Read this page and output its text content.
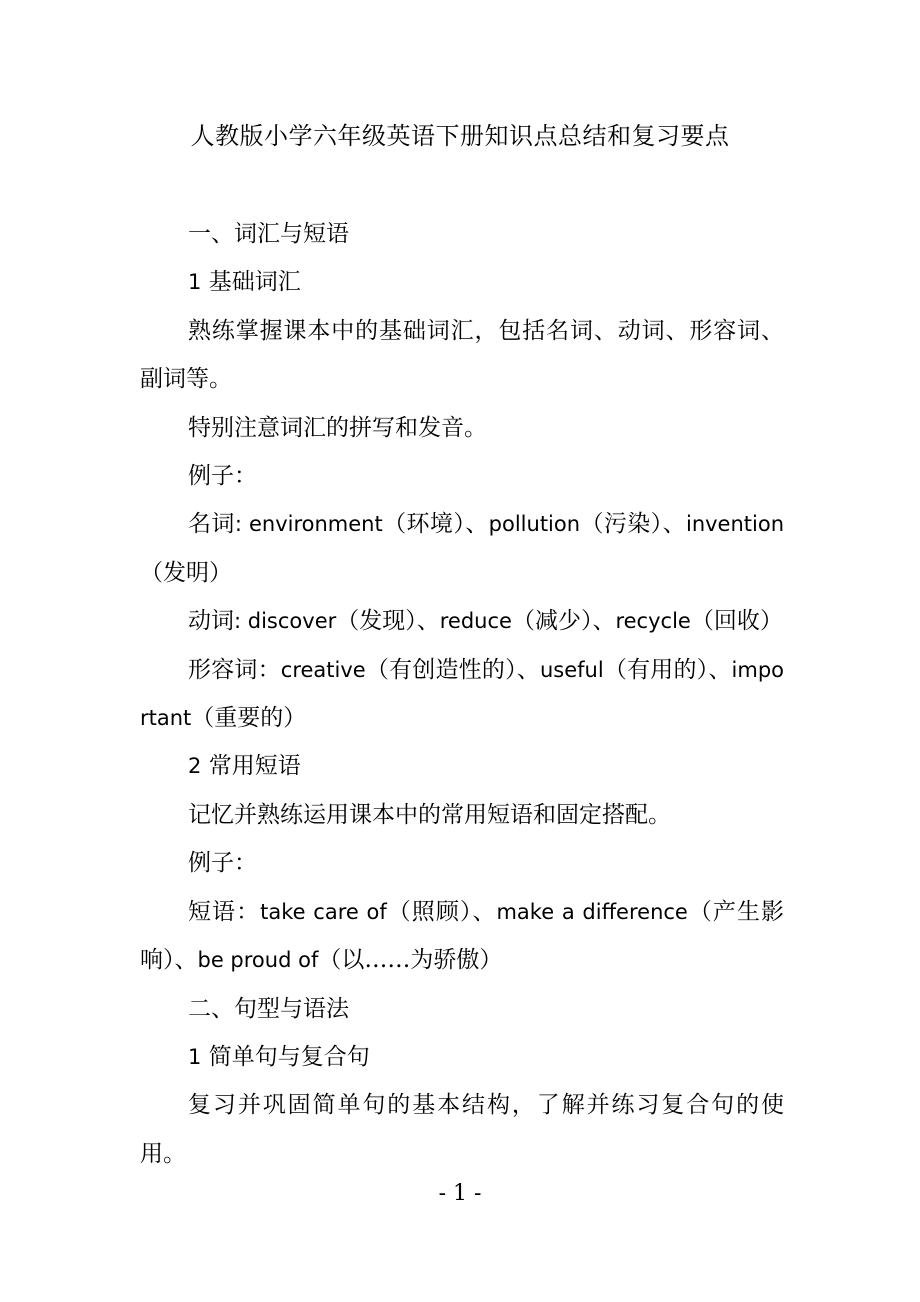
人教版小学六年级英语下册知识点总结和复习要点

一、词汇与短语

1 基础词汇

熟练掌握课本中的基础词汇，包括名词、动词、形容词、副词等。

特别注意词汇的拼写和发音。

例子：

名词: environment（环境）、pollution（污染）、invention（发明）

动词: discover（发现）、reduce（减少）、recycle（回收）

形容词：creative（有创造性的）、useful（有用的）、important（重要的）

2 常用短语

记忆并熟练运用课本中的常用短语和固定搭配。

例子：

短语：take care of（照顾）、make a difference（产生影响）、be proud of（以……为骄傲）

二、句型与语法

1 简单句与复合句

复习并巩固简单句的基本结构，了解并练习复合句的使用。

- 1 -
